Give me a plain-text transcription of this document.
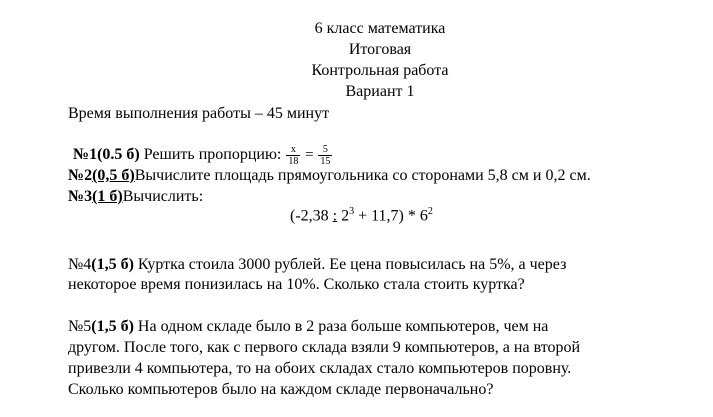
6 класс математика
Итоговая
Контрольная работа
Вариант 1
Время выполнения работы – 45 минут
№1(0.5 б) Решить пропорцию: $\frac{x}{18} = \frac{5}{15}$
№2(0,5 б)Вычислите площадь прямоугольника со сторонами 5,8 см и 0,2 см.
№3(1 б)Вычислить:
(-2,38 : $2^3 + 11,7) * 6^2$
№4(1,5 б) Куртка стоила 3000 рублей. Ее цена повысилась на 5%, а через
некоторое время понизилась на 10%. Сколько стала стоить куртка?
№5(1,5 б) На одном складе было в 2 раза больше компьютеров, чем на
другом. После того, как с первого склада взяли 9 компьютеров, а на второй
привезли 4 компьютера, то на обоих складах стало компьютеров поровну.
Сколько компьютеров было на каждом складе первоначально?
